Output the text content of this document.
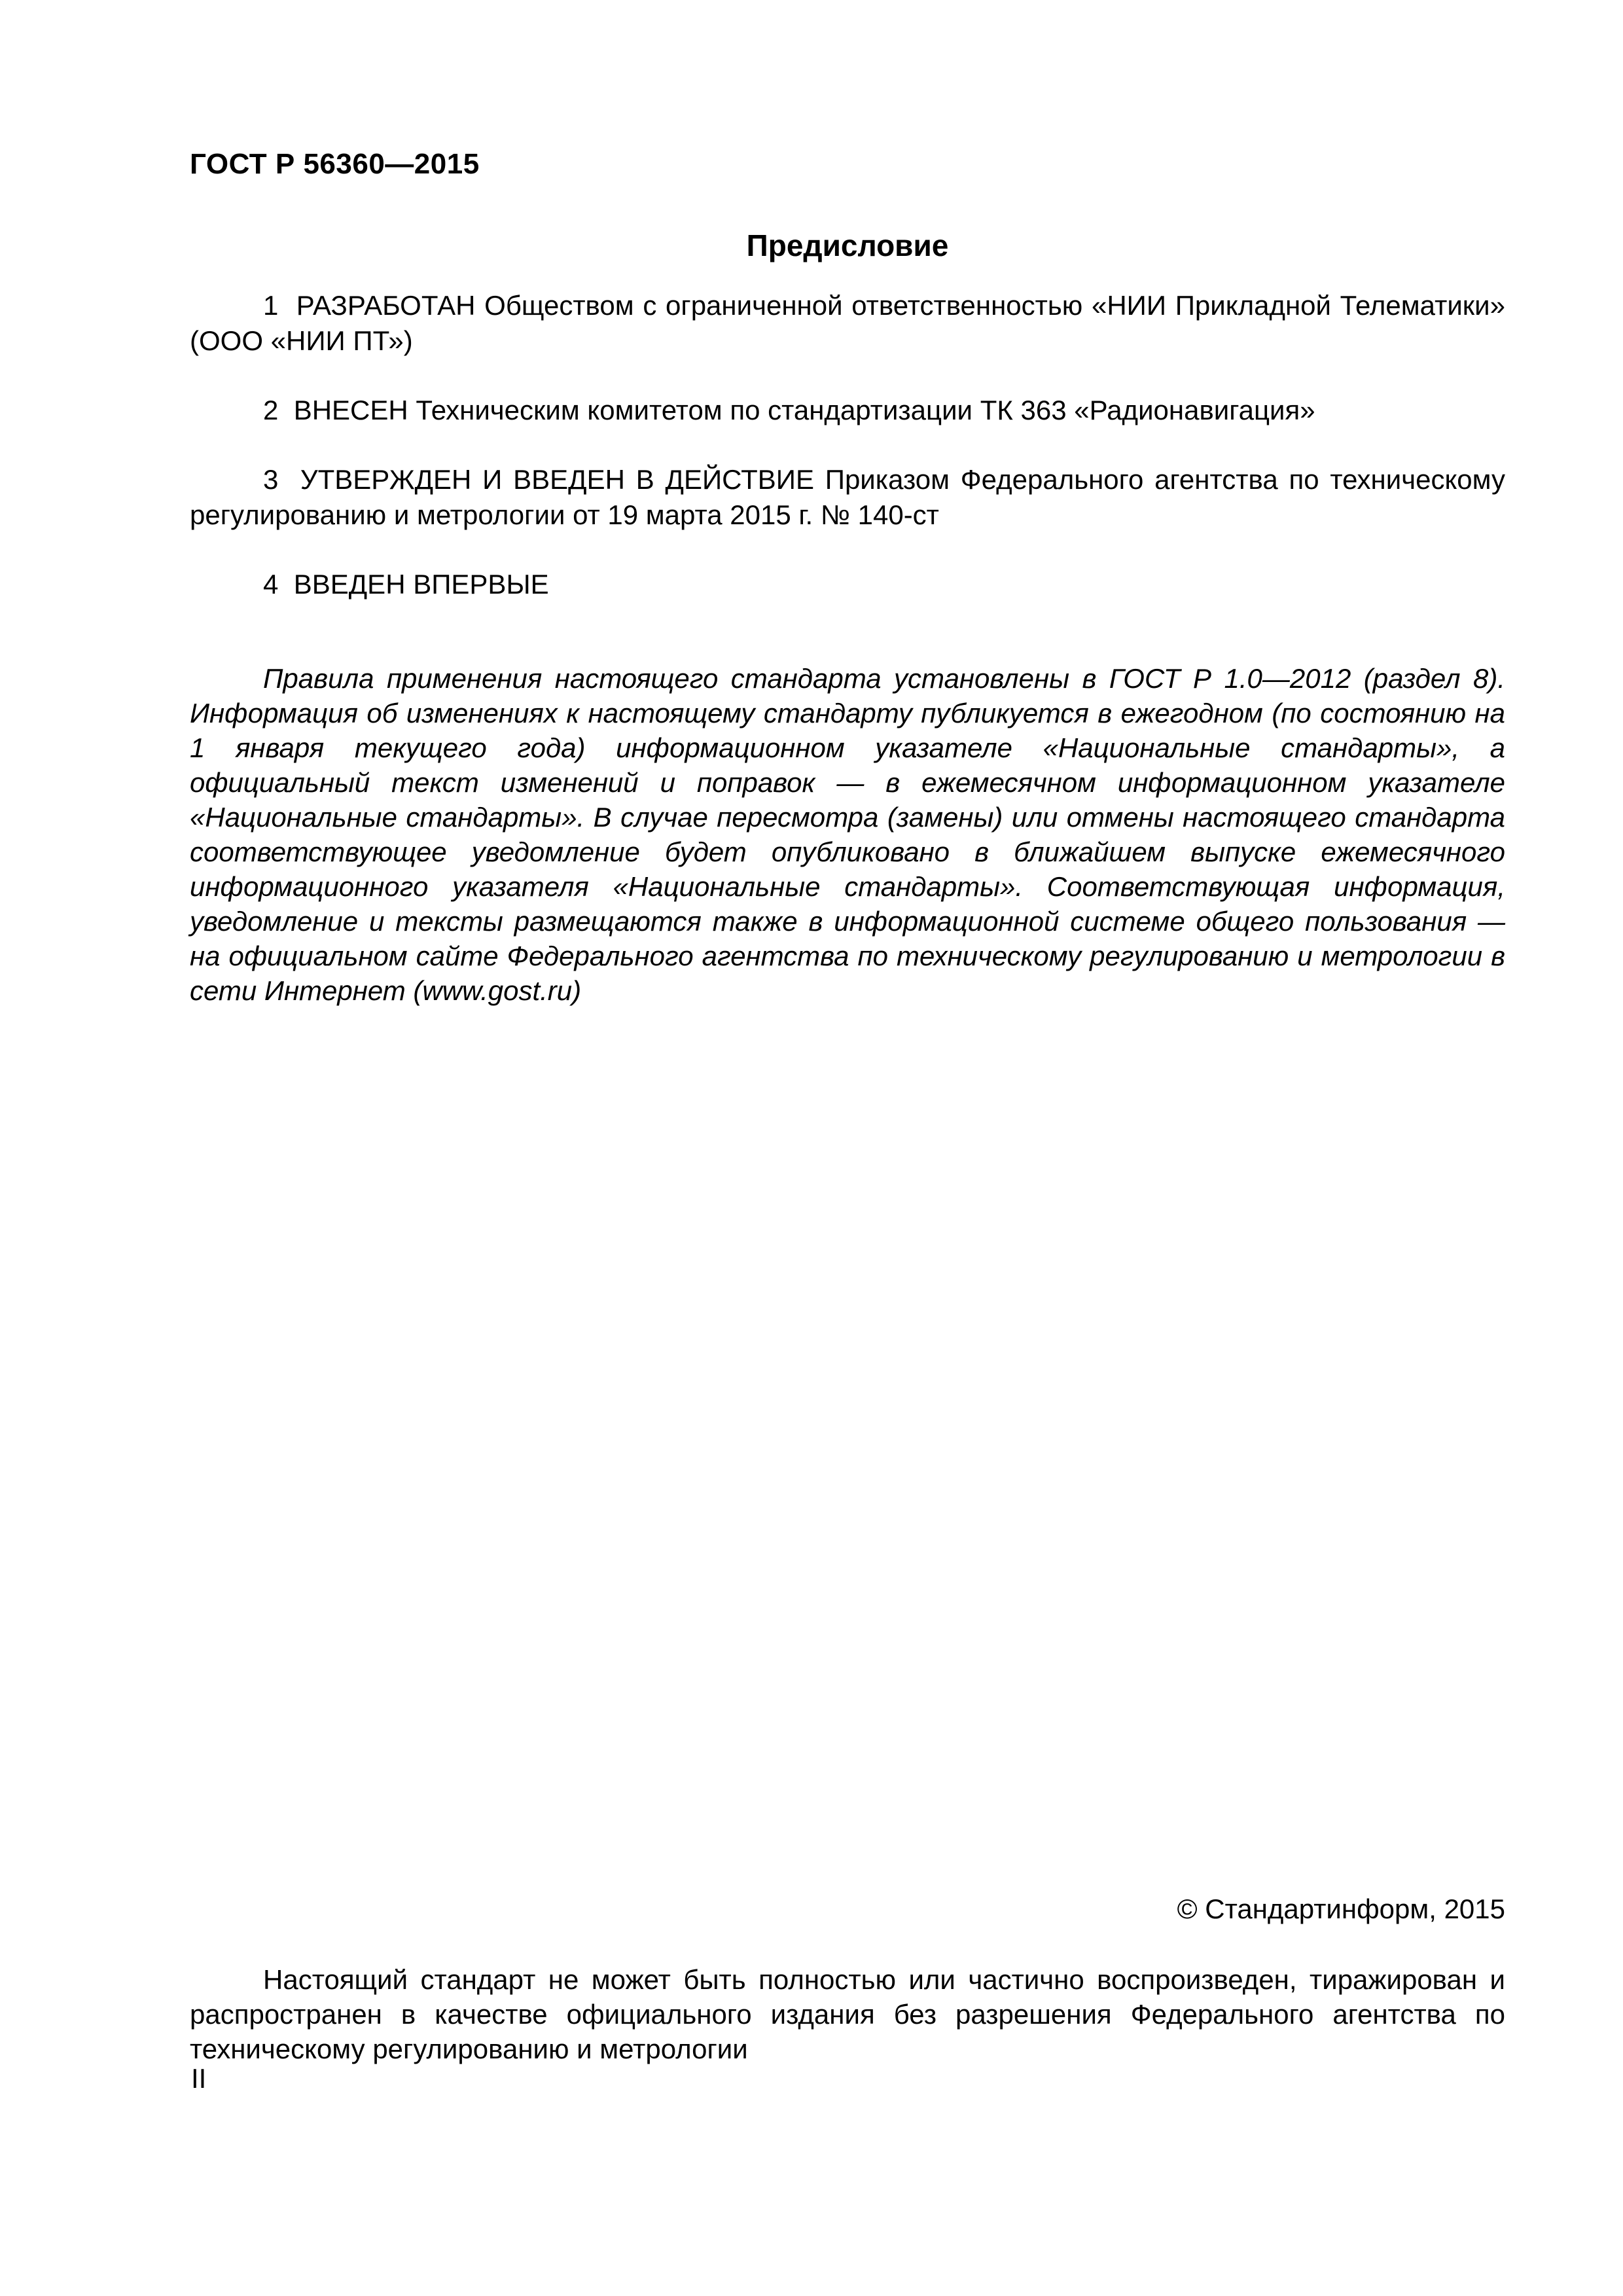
ГОСТ Р 56360—2015
Предисловие

1  РАЗРАБОТАН Обществом с ограниченной ответственностью «НИИ Прикладной Телематики» (ООО «НИИ ПТ»)

2  ВНЕСЕН Техническим комитетом по стандартизации ТК 363 «Радионавигация»

3  УТВЕРЖДЕН И ВВЕДЕН В ДЕЙСТВИЕ Приказом Федерального агентства по техническому регулированию и метрологии от 19 марта 2015 г. № 140-ст

4  ВВЕДЕН ВПЕРВЫЕ

Правила применения настоящего стандарта установлены в ГОСТ Р 1.0—2012 (раздел 8). Информация об изменениях к настоящему стандарту публикуется в ежегодном (по состоянию на 1 января текущего года) информационном указателе «Национальные стандарты», а официальный текст изменений и поправок — в ежемесячном информационном указателе «Национальные стандарты». В случае пересмотра (замены) или отмены настоящего стандарта соответствующее уведомление будет опубликовано в ближайшем выпуске ежемесячного информационного указателя «Национальные стандарты». Соответствующая информация, уведомление и тексты размещаются также в информационной системе общего пользования — на официальном сайте Федерального агентства по техническому регулированию и метрологии в сети Интернет (www.gost.ru)

© Стандартинформ, 2015

Настоящий стандарт не может быть полностью или частично воспроизведен, тиражирован и распространен в качестве официального издания без разрешения Федерального агентства по техническому регулированию и метрологии

II
